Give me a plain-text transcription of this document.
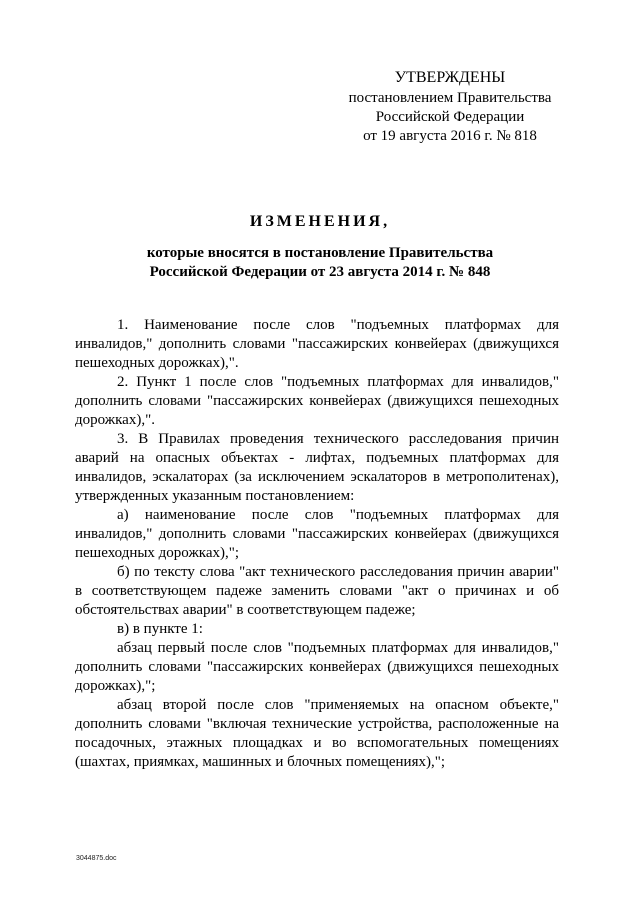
УТВЕРЖДЕНЫ
постановлением Правительства
Российской Федерации
от 19 августа 2016 г. № 818
ИЗМЕНЕНИЯ,
которые вносятся в постановление Правительства
Российской Федерации от 23 августа 2014 г. № 848

1. Наименование после слов "подъемных платформах для инвалидов," дополнить словами "пассажирских конвейерах (движущихся пешеходных дорожках),".

2. Пункт 1 после слов "подъемных платформах для инвалидов," дополнить словами "пассажирских конвейерах (движущихся пешеходных дорожках),".

3. В Правилах проведения технического расследования причин аварий на опасных объектах - лифтах, подъемных платформах для инвалидов, эскалаторах (за исключением эскалаторов в метрополитенах), утвержденных указанным постановлением:

а) наименование после слов "подъемных платформах для инвалидов," дополнить словами "пассажирских конвейерах (движущихся пешеходных дорожках),";

б) по тексту слова "акт технического расследования причин аварии" в соответствующем падеже заменить словами "акт о причинах и об обстоятельствах аварии" в соответствующем падеже;

в) в пункте 1:

абзац первый после слов "подъемных платформах для инвалидов," дополнить словами "пассажирских конвейерах (движущихся пешеходных дорожках),";

абзац второй после слов "применяемых на опасном объекте," дополнить словами "включая технические устройства, расположенные на посадочных, этажных площадках и во вспомогательных помещениях (шахтах, приямках, машинных и блочных помещениях),";

3044875.doc
